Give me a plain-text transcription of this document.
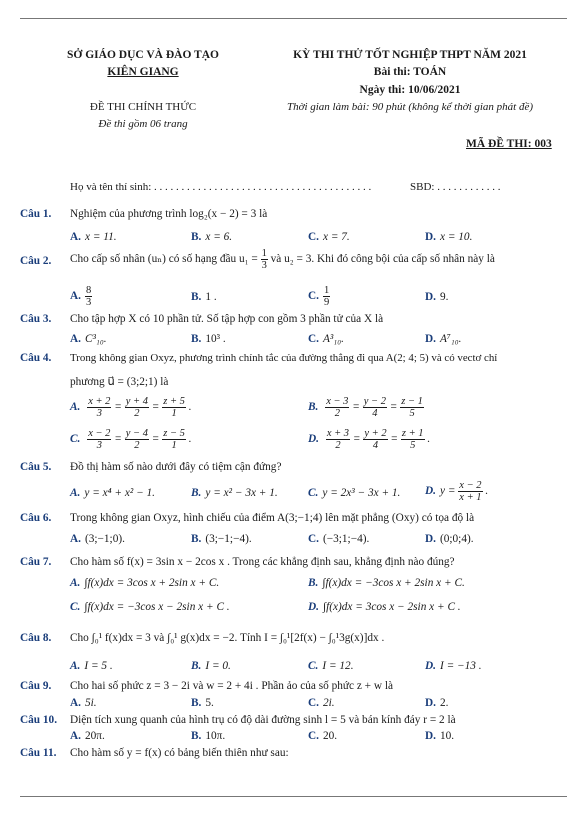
SỞ GIÁO DỤC VÀ ĐÀO TẠO
KIÊN GIANG
ĐỀ THI CHÍNH THỨC
Đề thi gồm 06 trang
KỲ THI THỬ TỐT NGHIỆP THPT NĂM 2021
Bài thi: TOÁN
Ngày thi: 10/06/2021
Thời gian làm bài: 90 phút (không kể thời gian phát đề)
MÃ ĐỀ THI: 003
Họ và tên thí sinh: . . . . . . . . . . . . . . . . . . . . . . . . . . . . . . . . . . . . . . . .	SBD: . . . . . . . . . . . .
Câu 1. Nghiệm của phương trình log₂(x − 2) = 3 là
A. x = 11.	B. x = 6.	C. x = 7.	D. x = 10.
Câu 2. Cho cấp số nhân (uₙ) có số hạng đầu $u_1 = \frac{1}{3}$ và u₂ = 3. Khi đó công bội của cấp số nhân này là
A. $\frac{8}{3}$	B. 1 .	C. $\frac{1}{9}$	D. 9.
Câu 3. Cho tập hợp X có 10 phần tử. Số tập hợp con gồm 3 phần tử của X là
A. C³₁₀.	B. 10³ .	C. A³₁₀.	D. A⁷₁₀.
Câu 4. Trong không gian Oxyz, phương trình chính tắc của đường thẳng đi qua A(2; 4; 5) và có vectơ chỉ
phương u⃗ = (3;2;1) là
A. $\frac{x + 2}{3} = \frac{y + 4}{2} = \frac{z + 5}{1}$ .	B. $\frac{x - 3}{2} = \frac{y - 2}{4} = \frac{z - 1}{5}$
C. $\frac{x - 2}{3} = \frac{y - 4}{2} = \frac{z - 5}{1}$ .	D. $\frac{x + 3}{2} = \frac{y + 2}{4} = \frac{z + 1}{5}$ .
Câu 5. Đồ thị hàm số nào dưới đây có tiệm cận đứng?
A. y = x⁴ + x² − 1.	B. y = x² − 3x + 1.	C. y = 2x³ − 3x + 1. D. $y = \frac{x - 2}{x + 1}$ .
Câu 6. Trong không gian Oxyz, hình chiếu của điểm A(3;−1;4) lên mặt phẳng (Oxy) có tọa độ là
A. (3;−1;0).	B. (3;−1;−4).	C. (−3;1;−4).	D. (0;0;4).
Câu 7. Cho hàm số f(x) = 3sin x − 2cos x . Trong các khẳng định sau, khẳng định nào đúng?
A. ∫f(x)dx = 3cos x + 2sin x + C.	B. ∫f(x)dx = −3cos x + 2sin x + C.
C. ∫f(x)dx = −3cos x − 2sin x + C .	D. ∫f(x)dx = 3cos x − 2sin x + C .
Câu 8. Cho ∫₀¹ f(x)dx = 3 và ∫₀¹ g(x)dx = −2. Tính I = ∫₀¹[2f(x) − ∫₀¹3g(x)]dx .
A. I = 5 .	B. I = 0.	C. I = 12.	D. I = −13 .
Câu 9. Cho hai số phức z = 3 − 2i và w = 2 + 4i . Phần ảo của số phức z + w là
A. 5i.	B. 5.	C. 2i.	D. 2.
Câu 10. Diện tích xung quanh của hình trụ có độ dài đường sinh l = 5 và bán kính đáy r = 2 là
A. 20π.	B. 10π.	C. 20.	D. 10.
Câu 11. Cho hàm số y = f(x) có bảng biến thiên như sau:
